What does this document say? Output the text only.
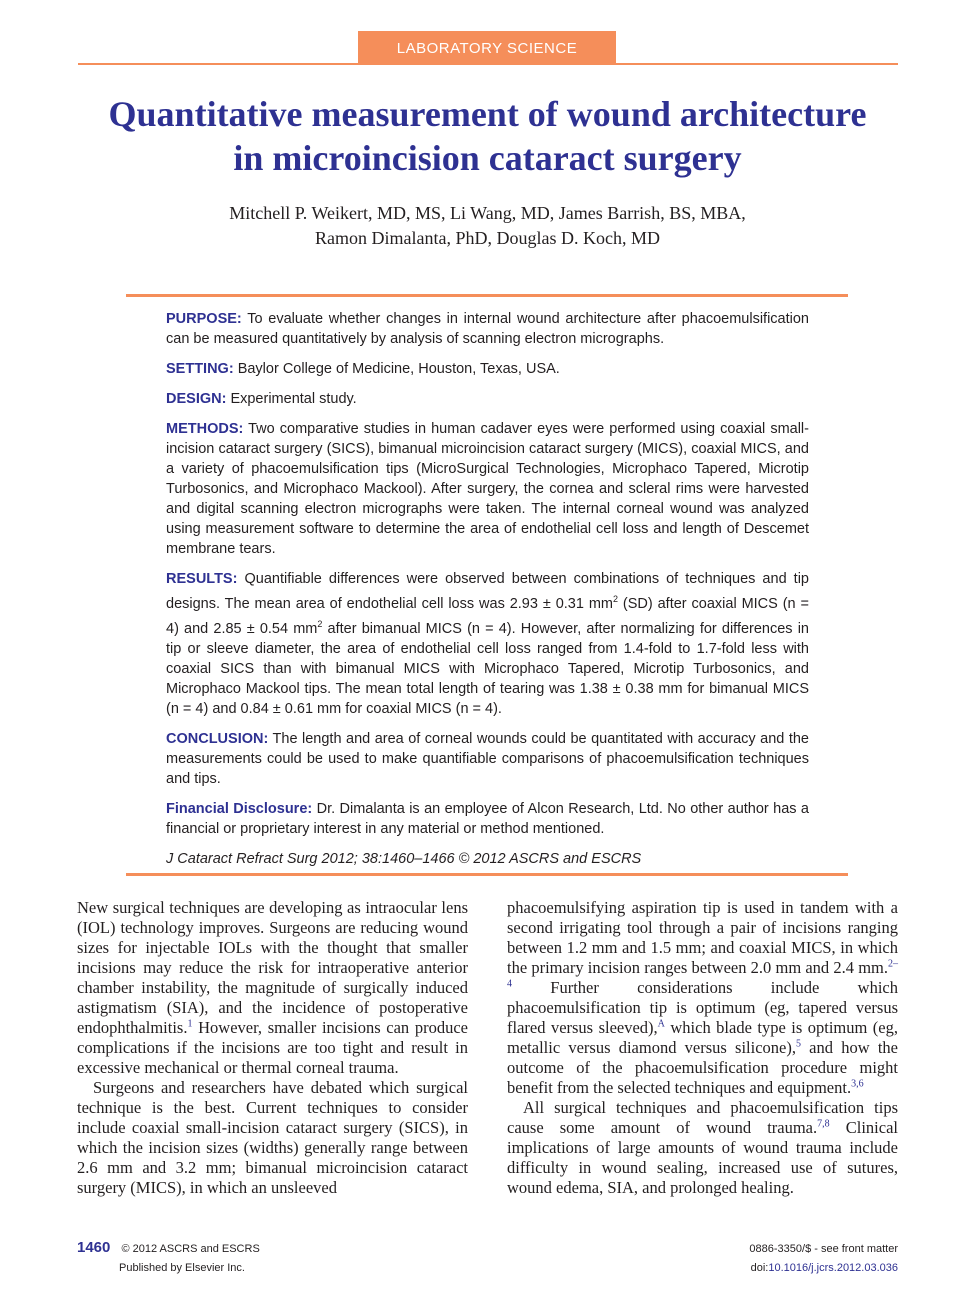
LABORATORY SCIENCE
Quantitative measurement of wound architecture
in microincision cataract surgery
Mitchell P. Weikert, MD, MS, Li Wang, MD, James Barrish, BS, MBA,
Ramon Dimalanta, PhD, Douglas D. Koch, MD

PURPOSE: To evaluate whether changes in internal wound architecture after phacoemulsification can be measured quantitatively by analysis of scanning electron micrographs.

SETTING: Baylor College of Medicine, Houston, Texas, USA.

DESIGN: Experimental study.

METHODS: Two comparative studies in human cadaver eyes were performed using coaxial small-incision cataract surgery (SICS), bimanual microincision cataract surgery (MICS), coaxial MICS, and a variety of phacoemulsification tips (MicroSurgical Technologies, Microphaco Tapered, Microtip Turbosonics, and Microphaco Mackool). After surgery, the cornea and scleral rims were harvested and digital scanning electron micrographs were taken. The internal corneal wound was analyzed using measurement software to determine the area of endothelial cell loss and length of Descemet membrane tears.

RESULTS: Quantifiable differences were observed between combinations of techniques and tip designs. The mean area of endothelial cell loss was 2.93 ± 0.31 $mm^2$ (SD) after coaxial MICS (n = 4) and 2.85 ± 0.54 $mm^2$ after bimanual MICS (n = 4). However, after normalizing for differences in tip or sleeve diameter, the area of endothelial cell loss ranged from 1.4-fold to 1.7-fold less with coaxial SICS than with bimanual MICS with Microphaco Tapered, Microtip Turbosonics, and Microphaco Mackool tips. The mean total length of tearing was 1.38 ± 0.38 mm for bimanual MICS (n = 4) and 0.84 ± 0.61 mm for coaxial MICS (n = 4).

CONCLUSION: The length and area of corneal wounds could be quantitated with accuracy and the measurements could be used to make quantifiable comparisons of phacoemulsification techniques and tips.

Financial Disclosure: Dr. Dimalanta is an employee of Alcon Research, Ltd. No other author has a financial or proprietary interest in any material or method mentioned.

J Cataract Refract Surg 2012; 38:1460–1466 © 2012 ASCRS and ESCRS

New surgical techniques are developing as intraocular lens (IOL) technology improves. Surgeons are reducing wound sizes for injectable IOLs with the thought that smaller incisions may reduce the risk for intraoperative anterior chamber instability, the magnitude of surgically induced astigmatism (SIA), and the incidence of postoperative endophthalmitis.$^1$ However, smaller incisions can produce complications if the incisions are too tight and result in excessive mechanical or thermal corneal trauma.

Surgeons and researchers have debated which surgical technique is the best. Current techniques to consider include coaxial small-incision cataract surgery (SICS), in which the incision sizes (widths) generally range between 2.6 mm and 3.2 mm; bimanual microincision cataract surgery (MICS), in which an unsleeved

phacoemulsifying aspiration tip is used in tandem with a second irrigating tool through a pair of incisions ranging between 1.2 mm and 1.5 mm; and coaxial MICS, in which the primary incision ranges between 2.0 mm and 2.4 mm.$^{2-4}$ Further considerations include which phacoemulsification tip is optimum (eg, tapered versus flared versus sleeved),$^A$ which blade type is optimum (eg, metallic versus diamond versus silicone),$^5$ and how the outcome of the phacoemulsification procedure might benefit from the selected techniques and equipment.$^{3,6}$

All surgical techniques and phacoemulsification tips cause some amount of wound trauma.$^{7,8}$ Clinical implications of large amounts of wound trauma include difficulty in wound sealing, increased use of sutures, wound edema, SIA, and prolonged healing.

1460 © 2012 ASCRS and ESCRS
Published by Elsevier Inc.
0886-3350/$ - see front matter
doi:10.1016/j.jcrs.2012.03.036
